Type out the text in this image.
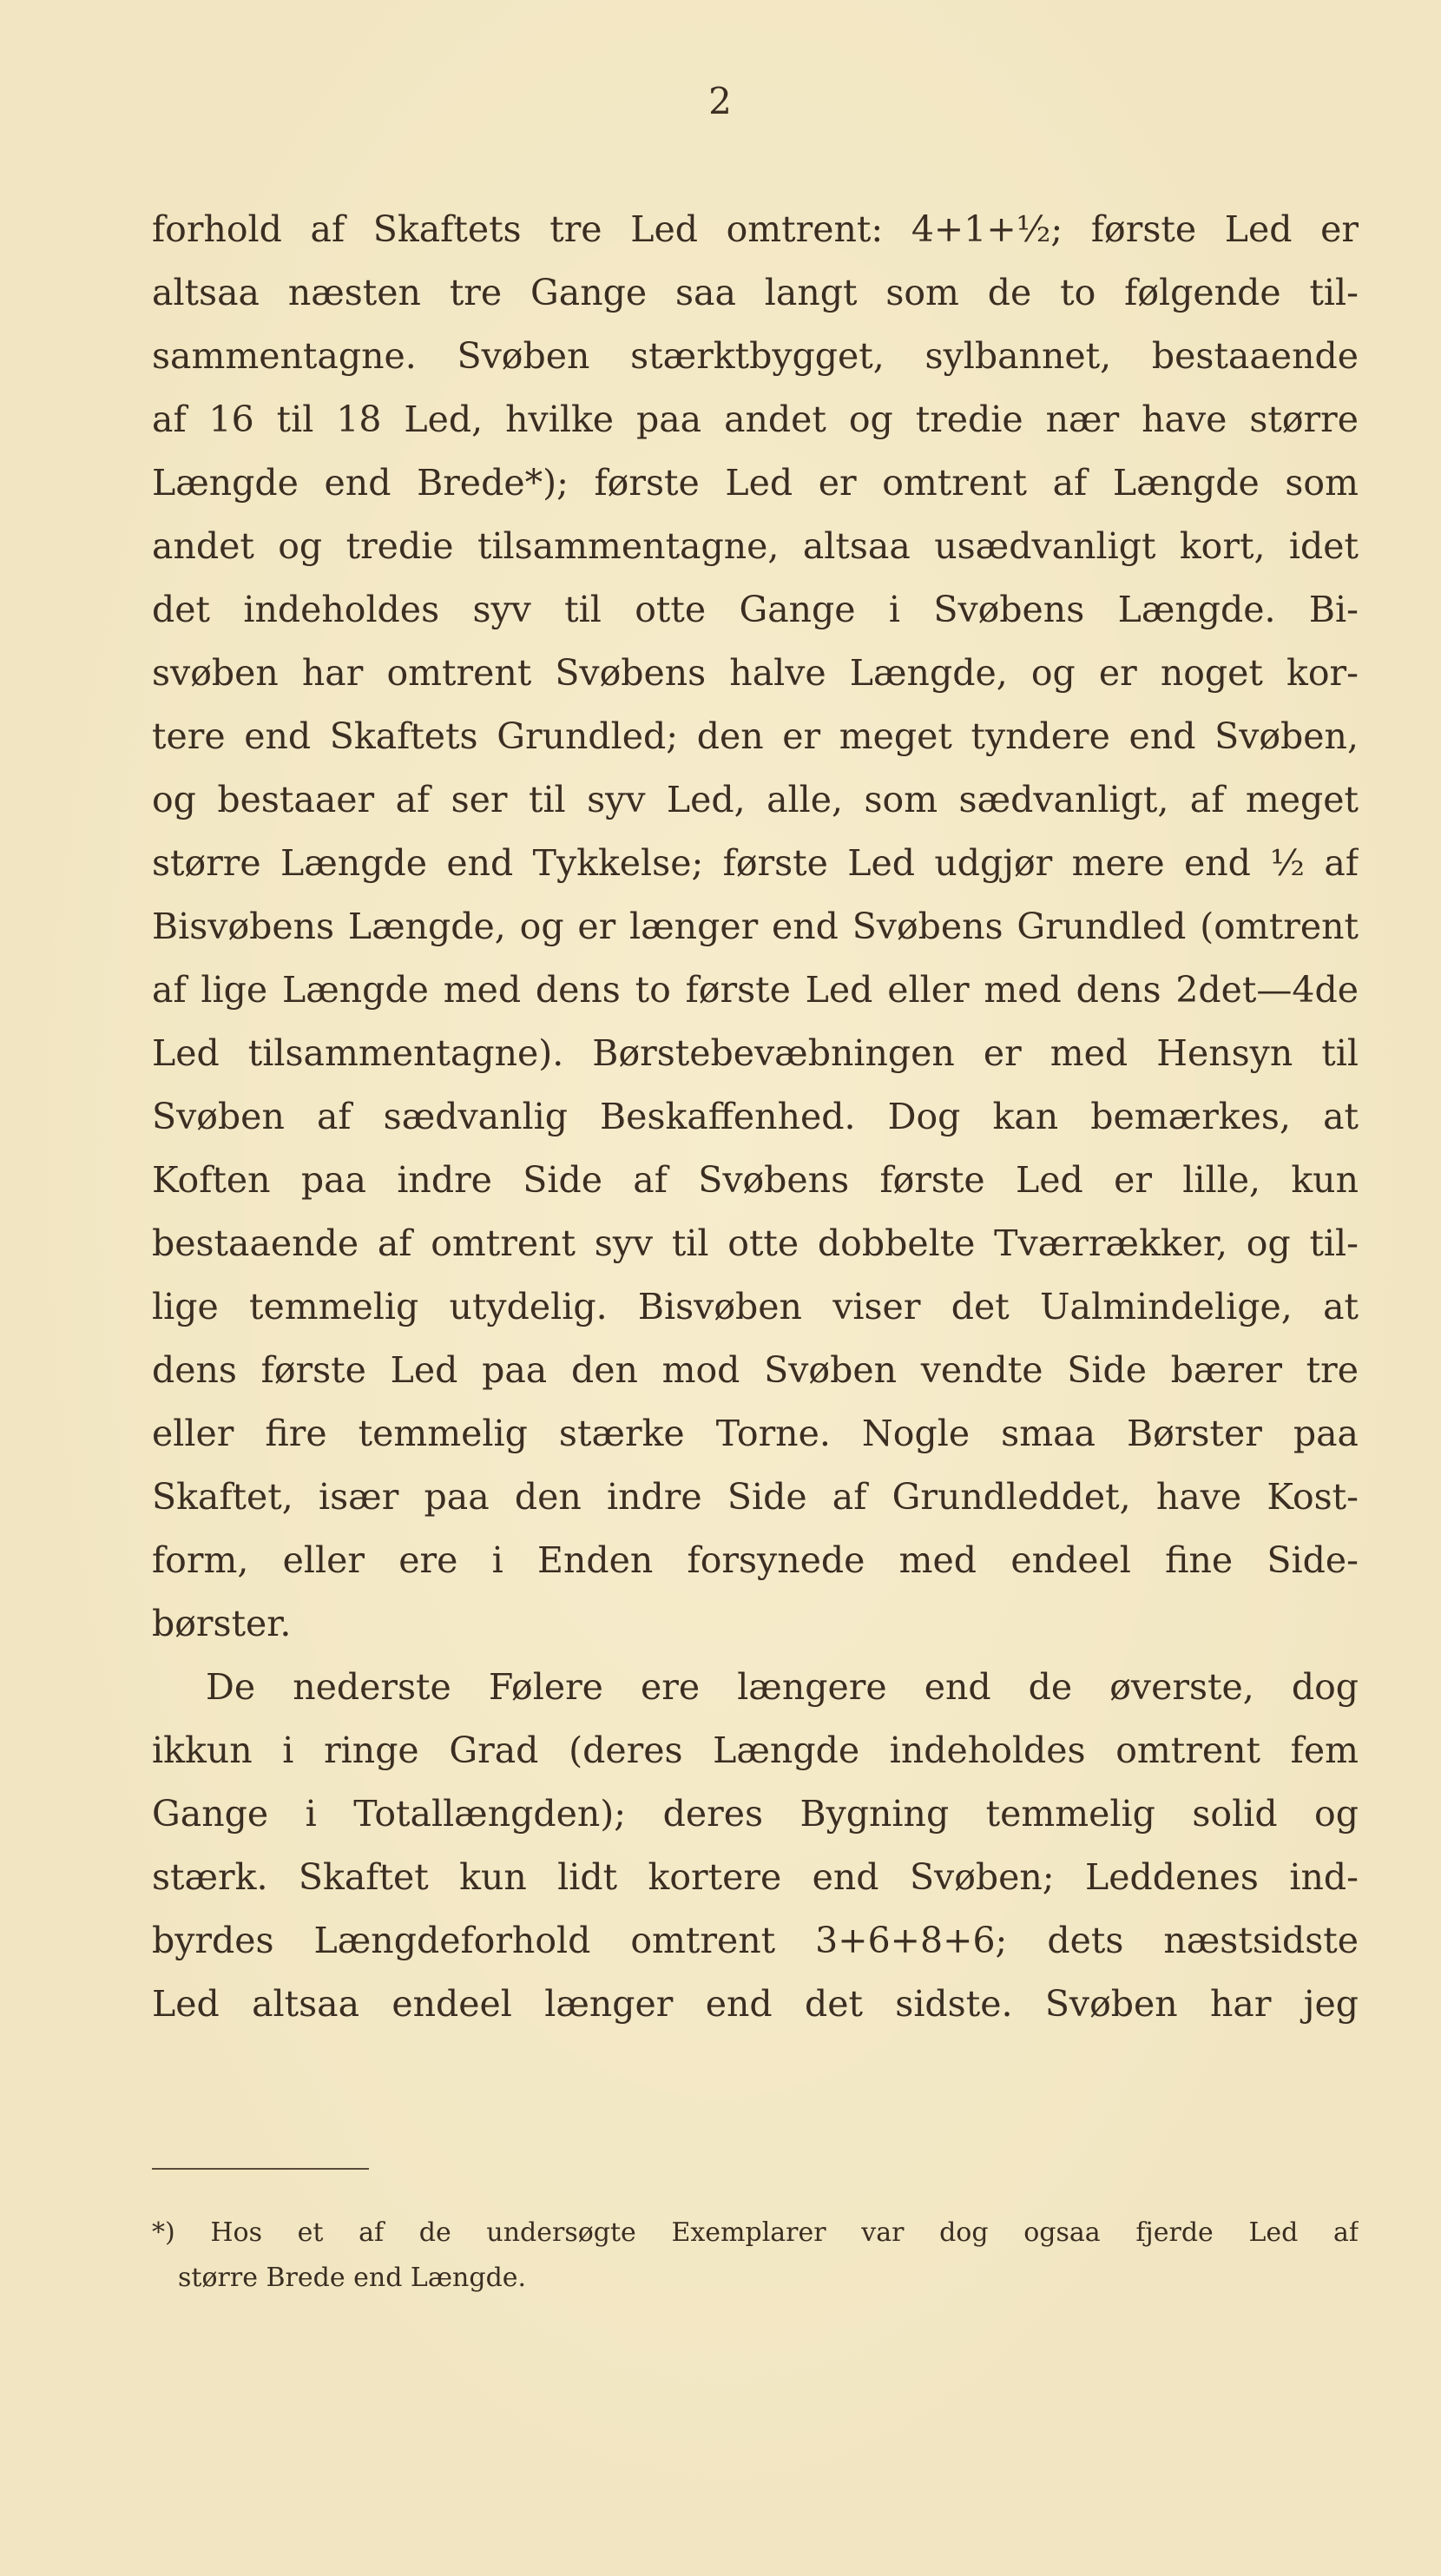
2
forhold af Skaftets tre Led omtrent: 4+1+½; første Led er
altsaa næsten tre Gange saa langt som de to følgende til-
sammentagne. Svøben stærktbygget, sylbannet, bestaaende
af 16 til 18 Led, hvilke paa andet og tredie nær have større
Længde end Brede*); første Led er omtrent af Længde som
andet og tredie tilsammentagne, altsaa usædvanligt kort, idet
det indeholdes syv til otte Gange i Svøbens Længde. Bi-
svøben har omtrent Svøbens halve Længde, og er noget kor-
tere end Skaftets Grundled; den er meget tyndere end Svøben,
og bestaaer af ser til syv Led, alle, som sædvanligt, af meget
større Længde end Tykkelse; første Led udgjør mere end ½ af
Bisvøbens Længde, og er længer end Svøbens Grundled (omtrent
af lige Længde med dens to første Led eller med dens 2det—4de
Led tilsammentagne). Børstebevæbningen er med Hensyn til
Svøben af sædvanlig Beskaffenhed. Dog kan bemærkes, at
Koften paa indre Side af Svøbens første Led er lille, kun
bestaaende af omtrent syv til otte dobbelte Tværrækker, og til-
lige temmelig utydelig. Bisvøben viser det Ualmindelige, at
dens første Led paa den mod Svøben vendte Side bærer tre
eller fire temmelig stærke Torne. Nogle smaa Børster paa
Skaftet, især paa den indre Side af Grundleddet, have Kost-
form, eller ere i Enden forsynede med endeel fine Side-
børster.
De nederste Følere ere længere end de øverste, dog
ikkun i ringe Grad (deres Længde indeholdes omtrent fem
Gange i Totallængden); deres Bygning temmelig solid og
stærk. Skaftet kun lidt kortere end Svøben; Leddenes ind-
byrdes Længdeforhold omtrent 3+6+8+6; dets næstsidste
Led altsaa endeel længer end det sidste. Svøben har jeg
*) Hos et af de undersøgte Exemplarer var dog ogsaa fjerde Led af
større Brede end Længde.
